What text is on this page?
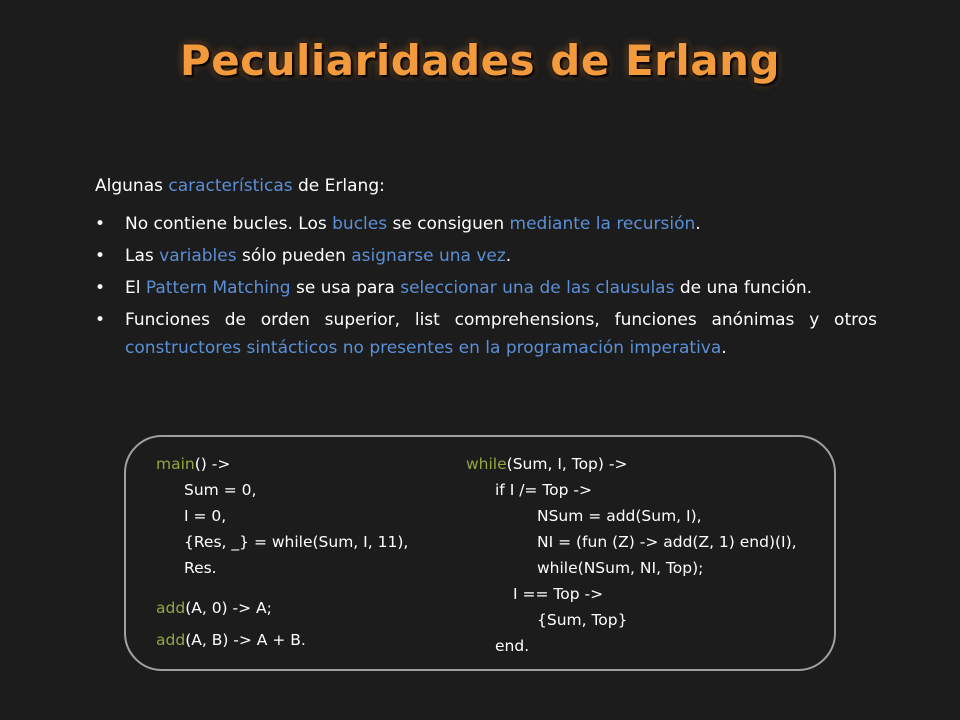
Peculiaridades de Erlang
Algunas características de Erlang:
• No contiene bucles. Los bucles se consiguen mediante la recursión.
• Las variables sólo pueden asignarse una vez.
• El Pattern Matching se usa para seleccionar una de las clausulas de una función.
• Funciones de orden superior, list comprehensions, funciones anónimas y otros constructores sintácticos no presentes en la programación imperativa.
main() ->
Sum = 0,
I = 0,
{Res, _} = while(Sum, I, 11),
Res.
add(A, 0) -> A;
add(A, B) -> A + B.
while(Sum, I, Top) ->
if I /= Top ->
NSum = add(Sum, I),
NI = (fun (Z) -> add(Z, 1) end)(I),
while(NSum, NI, Top);
I == Top ->
{Sum, Top}
end.
